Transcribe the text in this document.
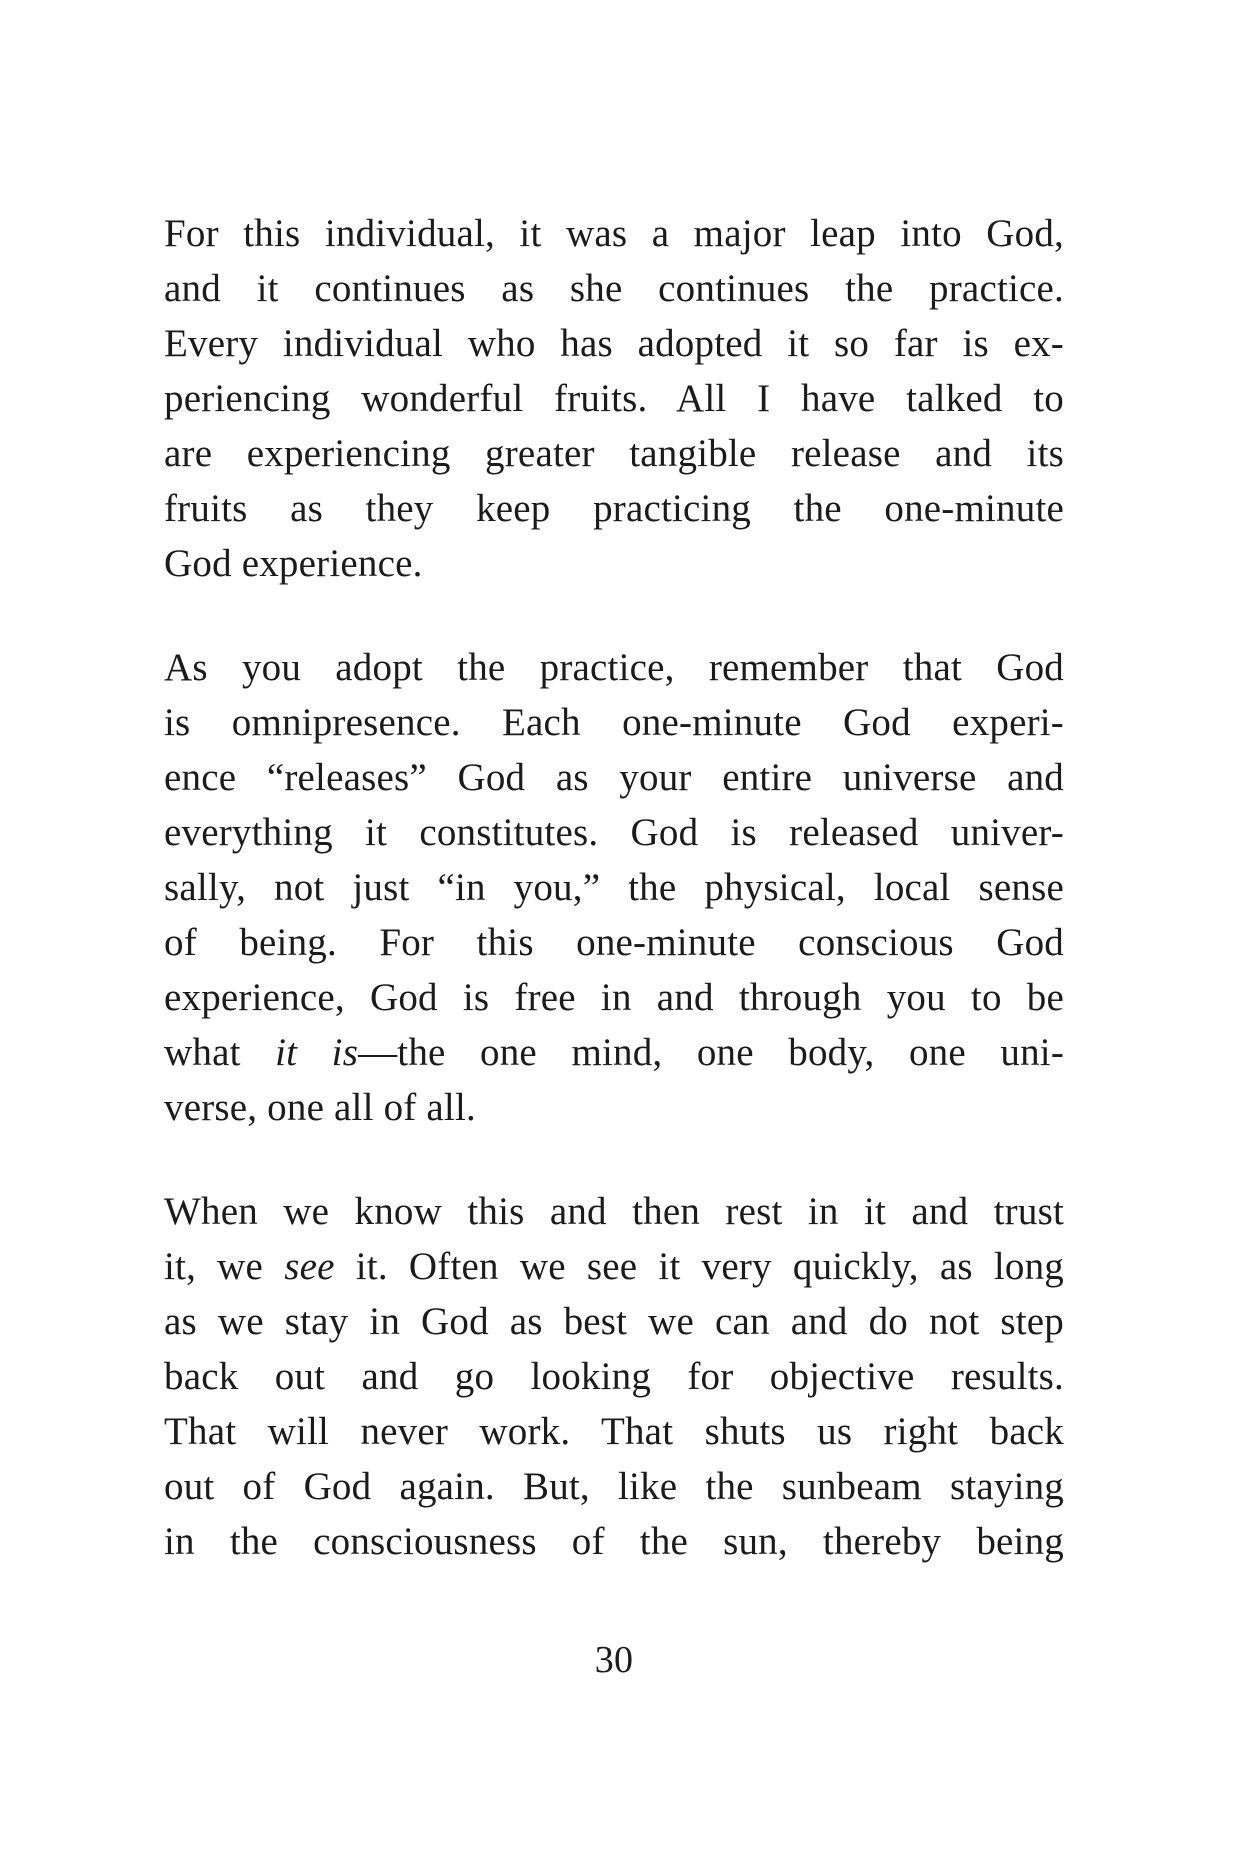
For this individual, it was a major leap into God,
and it continues as she continues the practice.
Every individual who has adopted it so far is ex-
periencing wonderful fruits. All I have talked to
are experiencing greater tangible release and its
fruits as they keep practicing the one-minute
God experience.
As you adopt the practice, remember that God
is omnipresence. Each one-minute God experi-
ence “releases” God as your entire universe and
everything it constitutes. God is released univer-
sally, not just “in you,” the physical, local sense
of being. For this one-minute conscious God
experience, God is free in and through you to be
what it is—the one mind, one body, one uni-
verse, one all of all.
When we know this and then rest in it and trust
it, we see it. Often we see it very quickly, as long
as we stay in God as best we can and do not step
back out and go looking for objective results.
That will never work. That shuts us right back
out of God again. But, like the sunbeam staying
in the consciousness of the sun, thereby being
30
